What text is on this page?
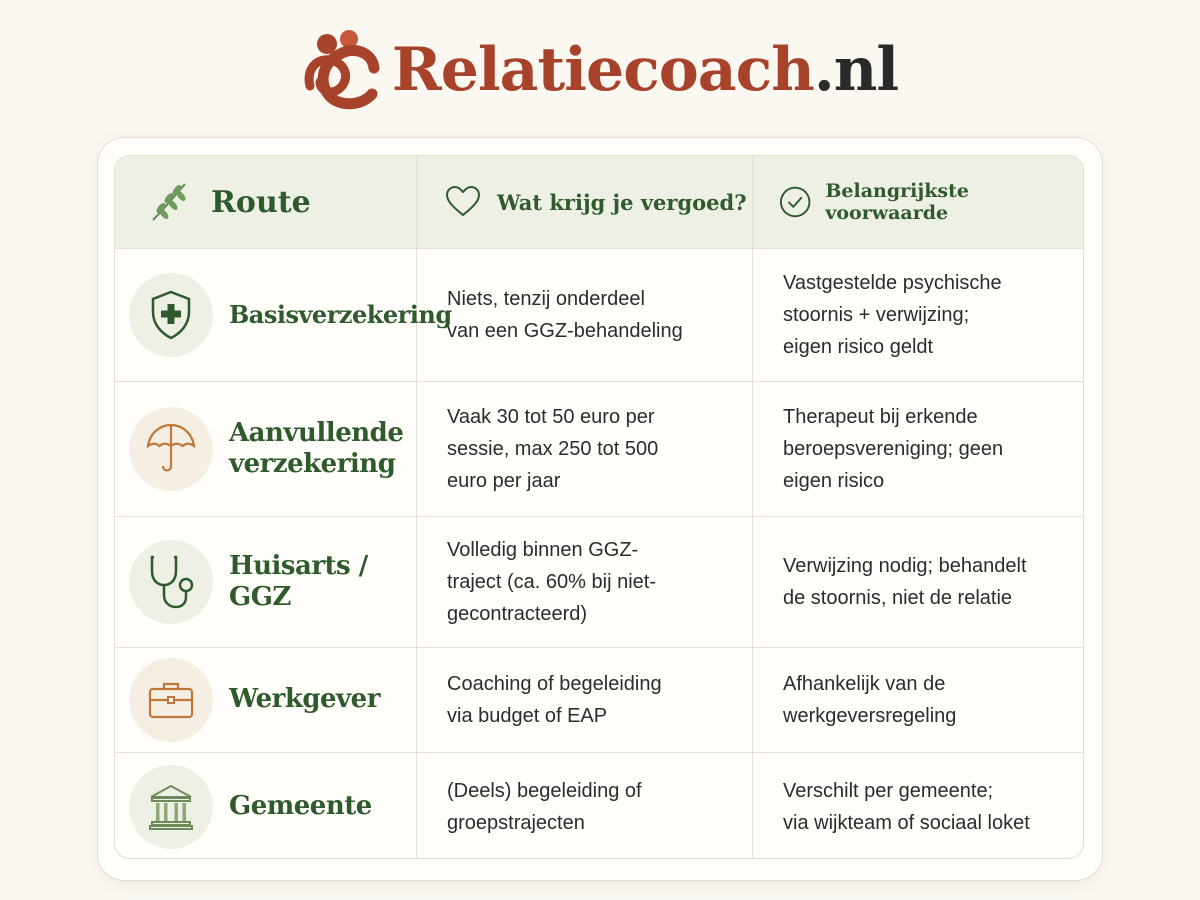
Relatiecoach.nl
Route	Wat krijg je vergoed?	Belangrijkste voorwaarde
Basisverzekering
Niets, tenzij onderdeel
van een GGZ-behandeling
Vastgestelde psychische
stoornis + verwijzing;
eigen risico geldt
Aanvullende
verzekering
Vaak 30 tot 50 euro per
sessie, max 250 tot 500
euro per jaar
Therapeut bij erkende
beroepsvereniging; geen
eigen risico
Huisarts / GGZ
Volledig binnen GGZ-
traject (ca. 60% bij niet-
gecontracteerd)
Verwijzing nodig; behandelt
de stoornis, niet de relatie
Werkgever
Coaching of begeleiding
via budget of EAP
Afhankelijk van de
werkgeversregeling
Gemeente
(Deels) begeleiding of
groepstrajecten
Verschilt per gemeente;
via wijkteam of sociaal loket
